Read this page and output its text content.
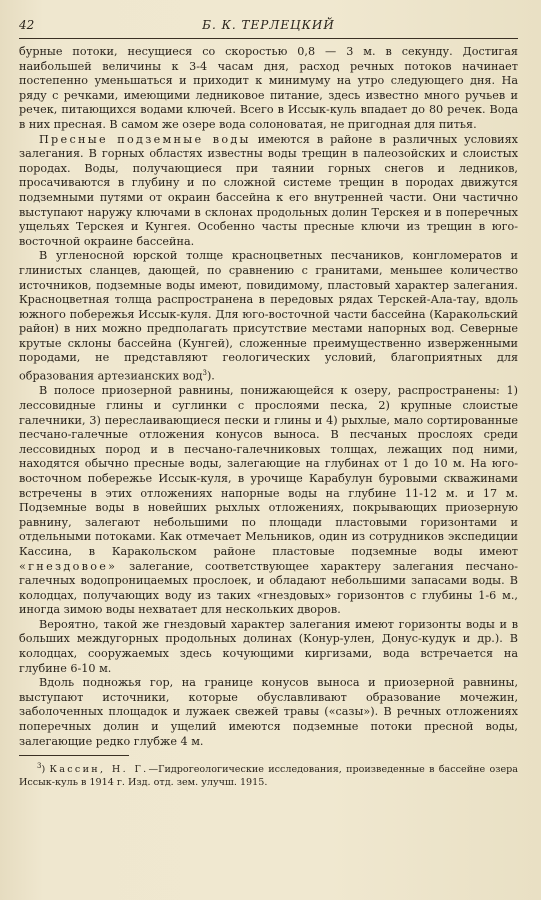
42	Б. К. ТЕРЛЕЦКИЙ

бурные потоки, несущиеся со скоростью 0,8 — 3 м. в секунду. Достигая наибольшей величины к 3-4 часам дня, расход речных потоков начинает постепенно уменьшаться и приходит к минимуму на утро следующего дня. На ряду с речками, имеющими ледниковое питание, здесь известно много ручьев и речек, питающихся водами ключей. Всего в Иссык-куль впадает до 80 речек. Вода в них пресная. В самом же озере вода солоноватая, не пригодная для питья.

Пресные подземные воды имеются в районе в различных условиях залегания. В горных областях известны воды трещин в палеозойских и слоистых породах. Воды, получающиеся при таянии горных снегов и ледников, просачиваются в глубину и по сложной системе трещин в породах движутся подземными путями от окраин бассейна к его внутренней части. Они частично выступают наружу ключами в склонах продольных долин Терскея и в поперечных ущельях Терскея и Кунгея. Особенно часты пресные ключи из трещин в юго-восточной окраине бассейна.

В угленосной юрской толще красноцветных песчаников, конгломератов и глинистых сланцев, дающей, по сравнению с гранитами, меньшее количество источников, подземные воды имеют, повидимому, пластовый характер залегания. Красноцветная толща распространена в передовых рядах Терскей-Ала-тау, вдоль южного побережья Иссык-куля. Для юго-восточной части бассейна (Каракольский район) в них можно предполагать присутствие местами напорных вод. Северные крутые склоны бассейна (Кунгей), сложенные преимущественно изверженными породами, не представляют геологических условий, благоприятных для образования артезианских вод$^3$).

В полосе приозерной равнины, понижающейся к озеру, распространены: 1) лессовидные глины и суглинки с прослоями песка, 2) крупные слоистые галечники, 3) переслаивающиеся пески и глины и 4) рыхлые, мало сортированные песчано-галечные отложения конусов выноса. В песчаных прослоях среди лессовидных пород и в песчано-галечниковых толщах, лежащих под ними, находятся обычно пресные воды, залегающие на глубинах от 1 до 10 м. На юго-восточном побережье Иссык-куля, в урочище Карабулун буровыми скважинами встречены в этих отложениях напорные воды на глубине 11-12 м. и 17 м. Подземные воды в новейших рыхлых отложениях, покрывающих приозерную равнину, залегают небольшими по площади пластовыми горизонтами и отдельными потоками. Как отмечает Мельников, один из сотрудников экспедиции Кассина, в Каракольском районе пластовые подземные воды имеют «гнездовое» залегание, соответствующее характеру залегания песчано-галечных водопроницаемых прослоек, и обладают небольшими запасами воды. В колодцах, получающих воду из таких «гнездовых» горизонтов с глубины 1-6 м., иногда зимою воды нехватает для нескольких дворов.

Вероятно, такой же гнездовый характер залегания имеют горизонты воды и в больших междугорных продольных долинах (Конур-улен, Донус-кудук и др.). В колодцах, сооружаемых здесь кочующими киргизами, вода встречается на глубине 6-10 м.

Вдоль подножья гор, на границе конусов выноса и приозерной равнины, выступают источники, которые обуславливают образование мочежин, заболоченных площадок и лужаек свежей травы («сазы»). В речных отложениях поперечных долин и ущелий имеются подземные потоки пресной воды, залегающие редко глубже 4 м.

$^3$) Кассин, Н. Г.—Гидрогеологические исследования, произведенные в бассейне озера Иссык-куль в 1914 г. Изд. отд. зем. улучш. 1915.
